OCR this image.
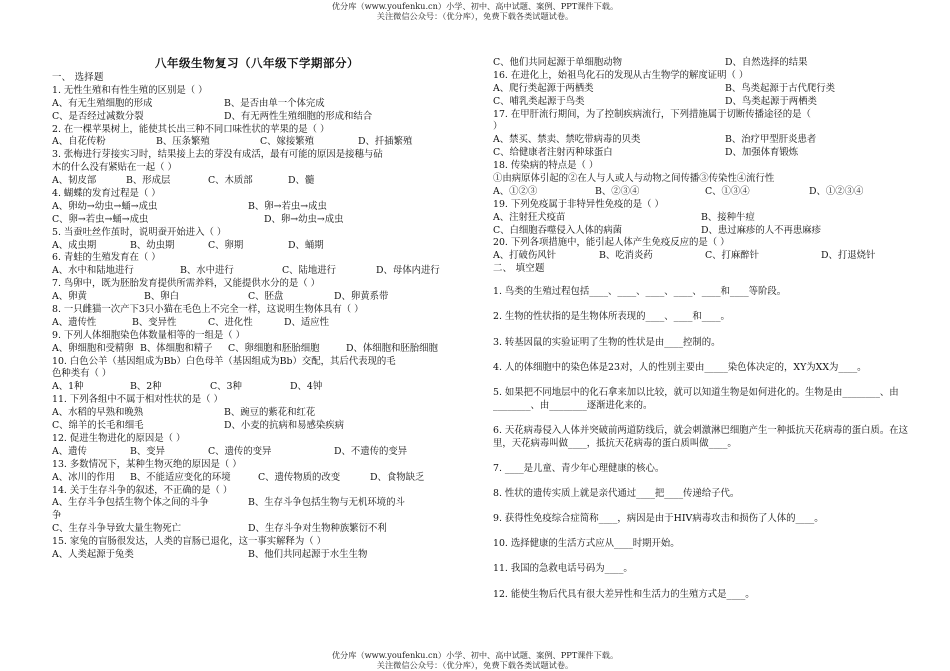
优分库（www.youfenku.cn）小学、初中、高中试题、案例、PPT课件下载。
关注微信公众号：（优分库），免费下载各类试题试卷。
八年级生物复习（八年级下学期部分）
一、 选择题
1. 无性生殖和有性生殖的区别是（ ）
A、有无生殖细胞的形成	B、是否由单一个体完成
C、是否经过减数分裂	D、有无两性生殖细胞的形成和结合
2. 在一棵苹果树上，能使其长出三种不同口味性状的苹果的是（ ）
A、自花传粉	B、压条繁殖	C、嫁接繁殖	D、扦插繁殖
3. 张梅进行芽接实习时，结果接上去的芽没有成活，最有可能的原因是接穗与砧
木的什么没有紧贴在一起（ ）
A、韧皮部	B、形成层	C、木质部	D、髓
4. 蝴蝶的发育过程是（ ）
A、卵幼→幼虫→蛹→成虫	B、卵→若虫→成虫
C、卵→若虫→蛹→成虫	D、卵→幼虫→成虫
5. 当蚕吐丝作茧时，说明蚕开始进入（ ）
A、成虫期	B、幼虫期	C、卵期	D、蛹期
6. 青蛙的生殖发育在（ ）
A、水中和陆地进行	B、水中进行	C、陆地进行	D、母体内进行
7. 鸟卵中，既为胚胎发育提供所需养料，又能提供水分的是（ ）
A、卵黄	B、卵白	C、胚盘	D、卵黄系带
8. 一只雌猫一次产下3只小猫在毛色上不完全一样，这说明生物体具有（ ）
A、遗传性	B、变异性	C、进化性	D、适应性
9. 下列人体细胞染色体数量相等的一组是（ ）
A、卵细胞和受精卵 B、体细胞和精子 C、卵细胞和胚胎细胞	D、体细胞和胚胎细胞
10. 白色公羊（基因组成为Bb）白色母羊（基因组成为Bb）交配，其后代表现的毛
色种类有（ ）
A、1种	B、2种	C、3种	D、4钟
11. 下列各组中不属于相对性状的是（ ）
A、水稻的早熟和晚熟	B、豌豆的紫花和红花
C、绵羊的长毛和细毛	D、小麦的抗病和易感染疾病
12. 促进生物进化的原因是（ ）
A、遗传	B、变异	C、遗传的变异	D、不遗传的变异
13. 多数情况下，某种生物灭绝的原因是（ ）
A、冰川的作用 B、不能适应变化的环境	C、遗传物质的改变	D、食物缺乏
14. 关于生存斗争的叙述，不正确的是（ ）
A、生存斗争包括生物个体之间的斗争	B、生存斗争包括生物与无机环境的斗
争
C、生存斗争导致大量生物死亡	D、生存斗争对生物种族繁衍不利
15. 家兔的盲肠很发达，人类的盲肠已退化，这一事实解释为（ ）
A、人类起源于兔类	B、他们共同起源于水生生物
C、他们共同起源于单细胞动物	D、自然选择的结果
16. 在进化上，始祖鸟化石的发现从古生物学的解度证明（ ）
A、爬行类起源于两栖类	B、鸟类起源于古代爬行类
C、哺乳类起源于鸟类	D、鸟类起源于两栖类
17. 在甲肝流行期间，为了控制疾病流行，下列措施属于切断传播途径的是（
）
A、禁买、禁卖、禁吃带病毒的贝类	B、治疗甲型肝炎患者
C、给健康者注射丙种球蛋白	D、加强体育锻炼
18. 传染病的特点是（ ）
①由病原体引起的②在人与人或人与动物之间传播③传染性④流行性
A、①②③	B、②③④	C、①③④	D、①②③④
19. 下列免疫属于非特异性免疫的是（ ）
A、注射狂犬疫苗	B、接种牛痘
C、白细胞吞噬侵入人体的病菌	D、患过麻疹的人不再患麻疹
20. 下列各项措施中，能引起人体产生免疫反应的是（ ）
A、打破伤风针	B、吃消炎药	C、打麻醉针	D、打退烧针
二、 填空题
1. 鸟类的生殖过程包括____、____、____、____、____和____等阶段。
2. 生物的性状指的是生物体所表现的____、____和____。
3. 转基因鼠的实验证明了生物的性状是由____控制的。
4. 人的体细胞中的染色体是23对，人的性别主要由_____染色体决定的，XY为XX为____。
5. 如果把不同地层中的化石拿来加以比较，就可以知道生物是如何进化的。生物是由________、由________、由________逐渐进化来的。
6. 天花病毒侵入人体并突破前两道防线后，就会刺激淋巴细胞产生一种抵抗天花病毒的蛋白质。在这里，天花病毒叫做____，抵抗天花病毒的蛋白质叫做____。
7. ____是儿童、青少年心理健康的核心。
8. 性状的遗传实质上就是亲代通过____把____传递给子代。
9. 获得性免疫综合症简称____，病因是由于HIV病毒攻击和损伤了人体的____。
10. 选择健康的生活方式应从____时期开始。
11. 我国的急救电话号码为____。
12. 能使生物后代具有很大差异性和生活力的生殖方式是____。
优分库（www.youfenku.cn）小学、初中、高中试题、案例、PPT课件下载。
关注微信公众号：（优分库），免费下载各类试题试卷。
